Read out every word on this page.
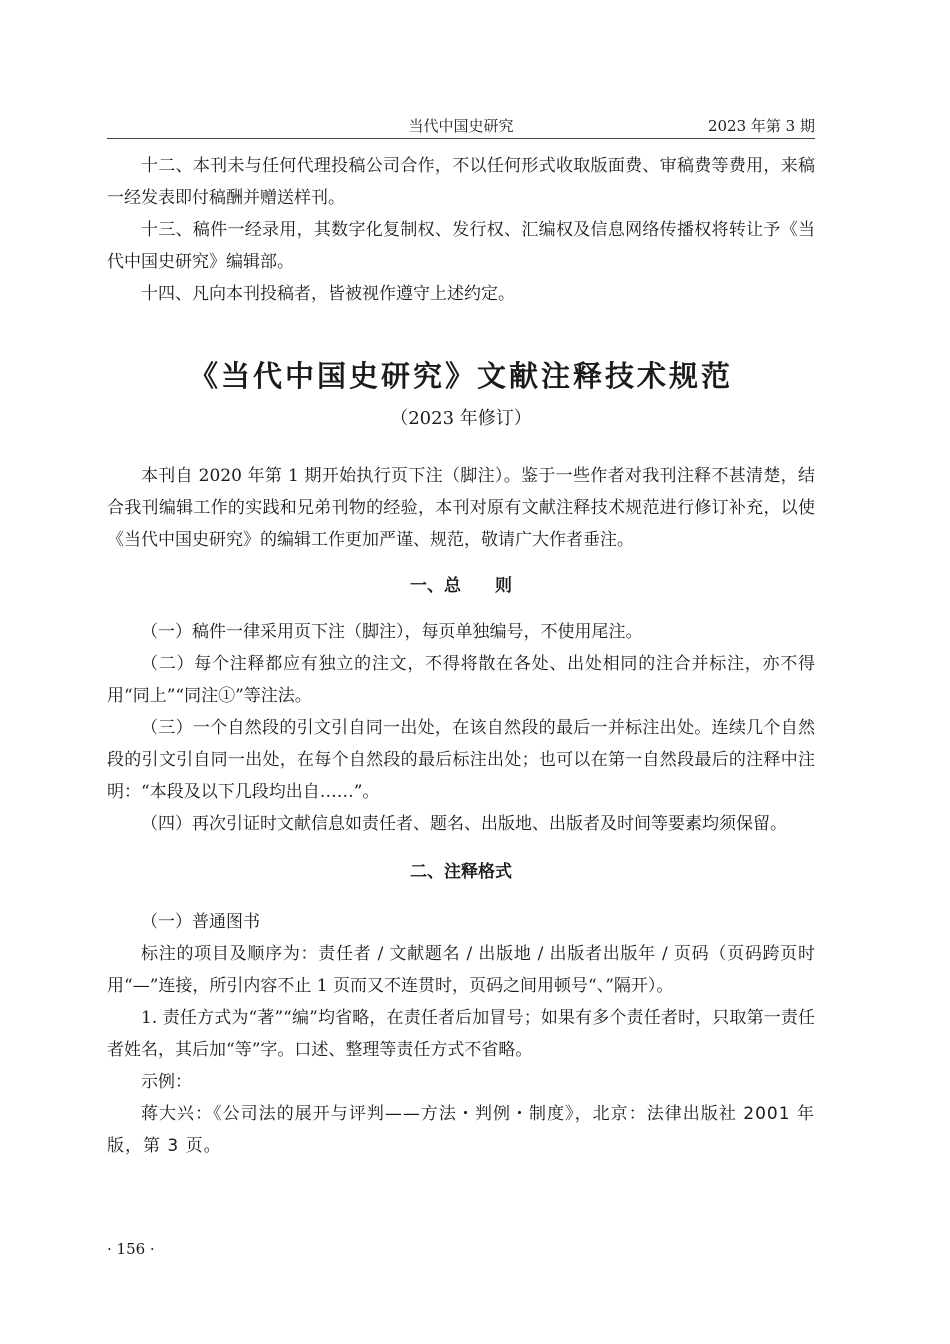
当代中国史研究	2023 年第 3 期

十二、本刊未与任何代理投稿公司合作，不以任何形式收取版面费、审稿费等费用，来稿一经发表即付稿酬并赠送样刊。

十三、稿件一经录用，其数字化复制权、发行权、汇编权及信息网络传播权将转让予《当代中国史研究》编辑部。

十四、凡向本刊投稿者，皆被视作遵守上述约定。

《当代中国史研究》文献注释技术规范
（2023 年修订）

本刊自 2020 年第 1 期开始执行页下注（脚注）。鉴于一些作者对我刊注释不甚清楚，结合我刊编辑工作的实践和兄弟刊物的经验，本刊对原有文献注释技术规范进行修订补充，以使《当代中国史研究》的编辑工作更加严谨、规范，敬请广大作者垂注。

一、总　　则

（一）稿件一律采用页下注（脚注），每页单独编号，不使用尾注。

（二）每个注释都应有独立的注文，不得将散在各处、出处相同的注合并标注，亦不得用“同上”“同注①”等注法。

（三）一个自然段的引文引自同一出处，在该自然段的最后一并标注出处。连续几个自然段的引文引自同一出处，在每个自然段的最后标注出处；也可以在第一自然段最后的注释中注明：“本段及以下几段均出自……”。

（四）再次引证时文献信息如责任者、题名、出版地、出版者及时间等要素均须保留。

二、注释格式

（一）普通图书

标注的项目及顺序为：责任者 / 文献题名 / 出版地 / 出版者出版年 / 页码（页码跨页时用“—”连接，所引内容不止 1 页而又不连贯时，页码之间用顿号“、”隔开）。

1. 责任方式为“著”“编”均省略，在责任者后加冒号；如果有多个责任者时，只取第一责任者姓名，其后加“等”字。口述、整理等责任方式不省略。

示例：

蒋大兴：《公司法的展开与评判——方法・判例・制度》，北京：法律出版社 2001 年版，第 3 页。

· 156 ·
